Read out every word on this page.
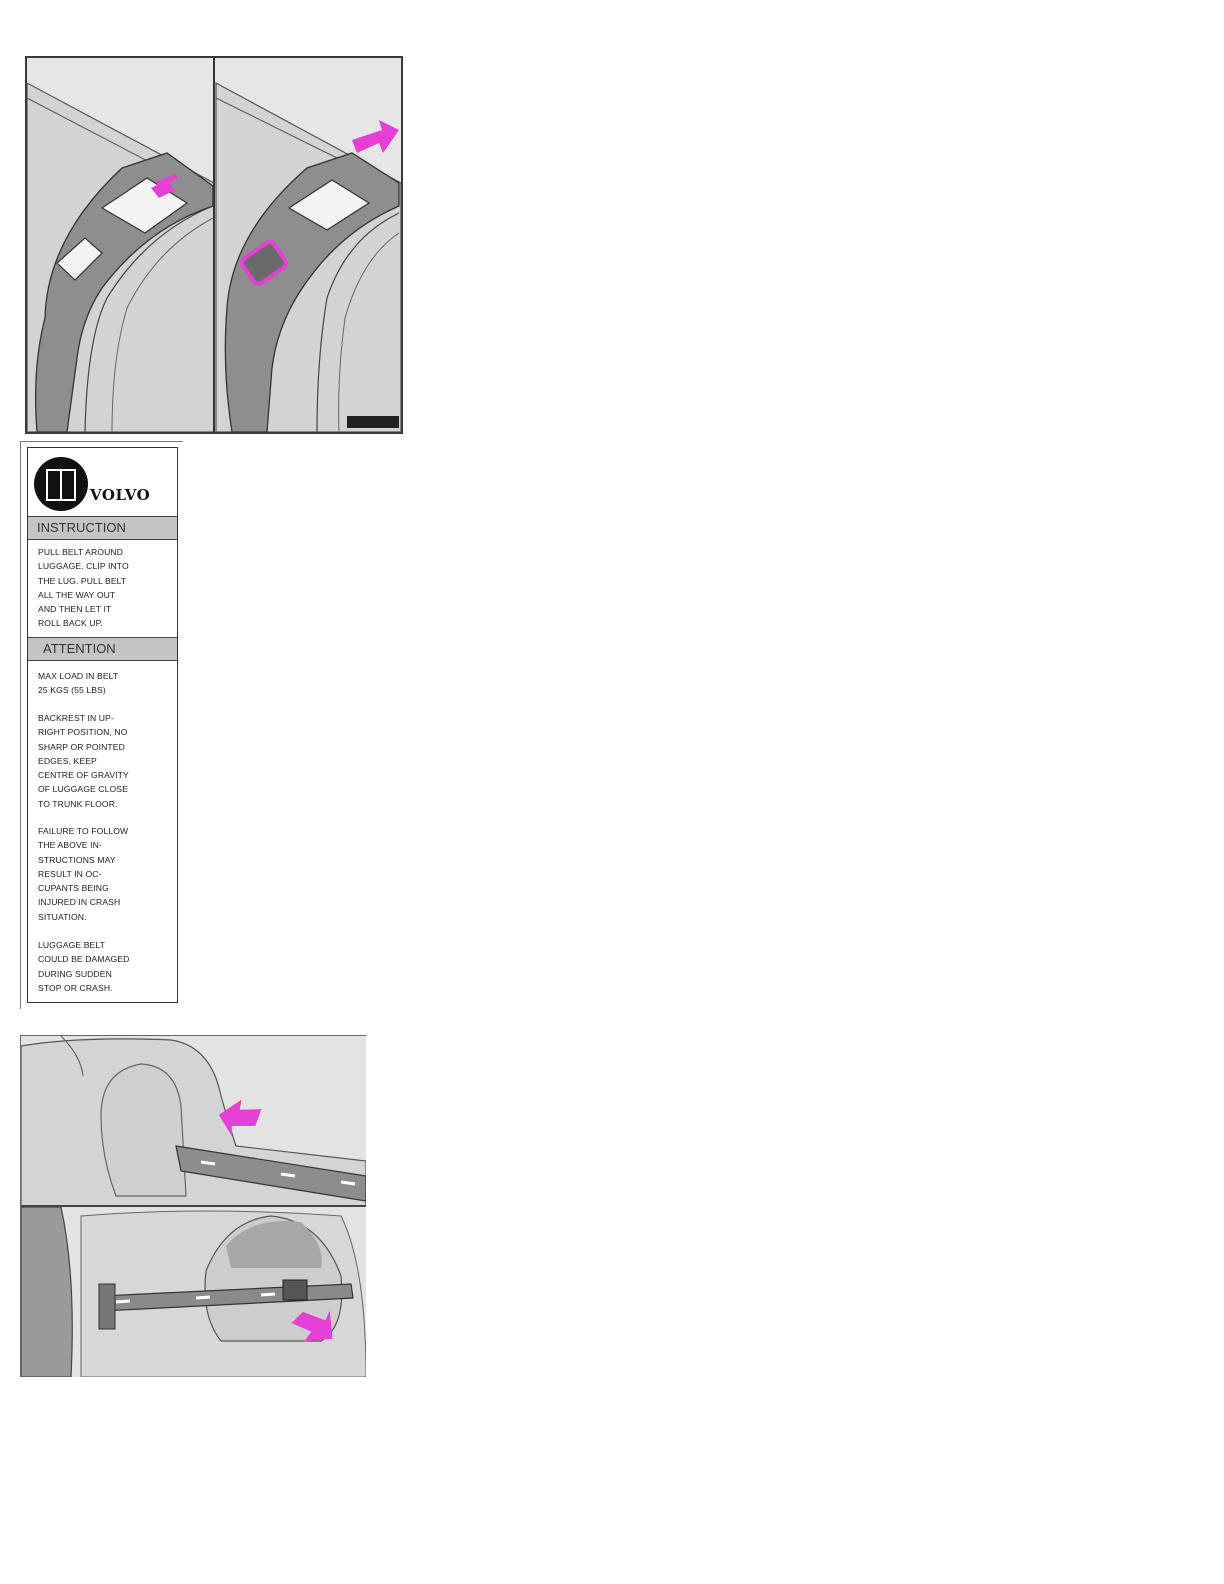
VOLVO
INSTRUCTION
PULL BELT AROUND
LUGGAGE. CLIP INTO
THE LUG. PULL BELT
ALL THE WAY OUT
AND THEN LET IT
ROLL BACK UP.
ATTENTION
MAX LOAD IN BELT
25 KGS (55 LBS)
BACKREST IN UP-
RIGHT POSITION, NO
SHARP OR POINTED
EDGES, KEEP
CENTRE OF GRAVITY
OF LUGGAGE CLOSE
TO TRUNK FLOOR.
FAILURE TO FOLLOW
THE ABOVE IN-
STRUCTIONS MAY
RESULT IN OC-
CUPANTS BEING
INJURED IN CRASH
SITUATION.
LUGGAGE BELT
COULD BE DAMAGED
DURING SUDDEN
STOP OR CRASH.
